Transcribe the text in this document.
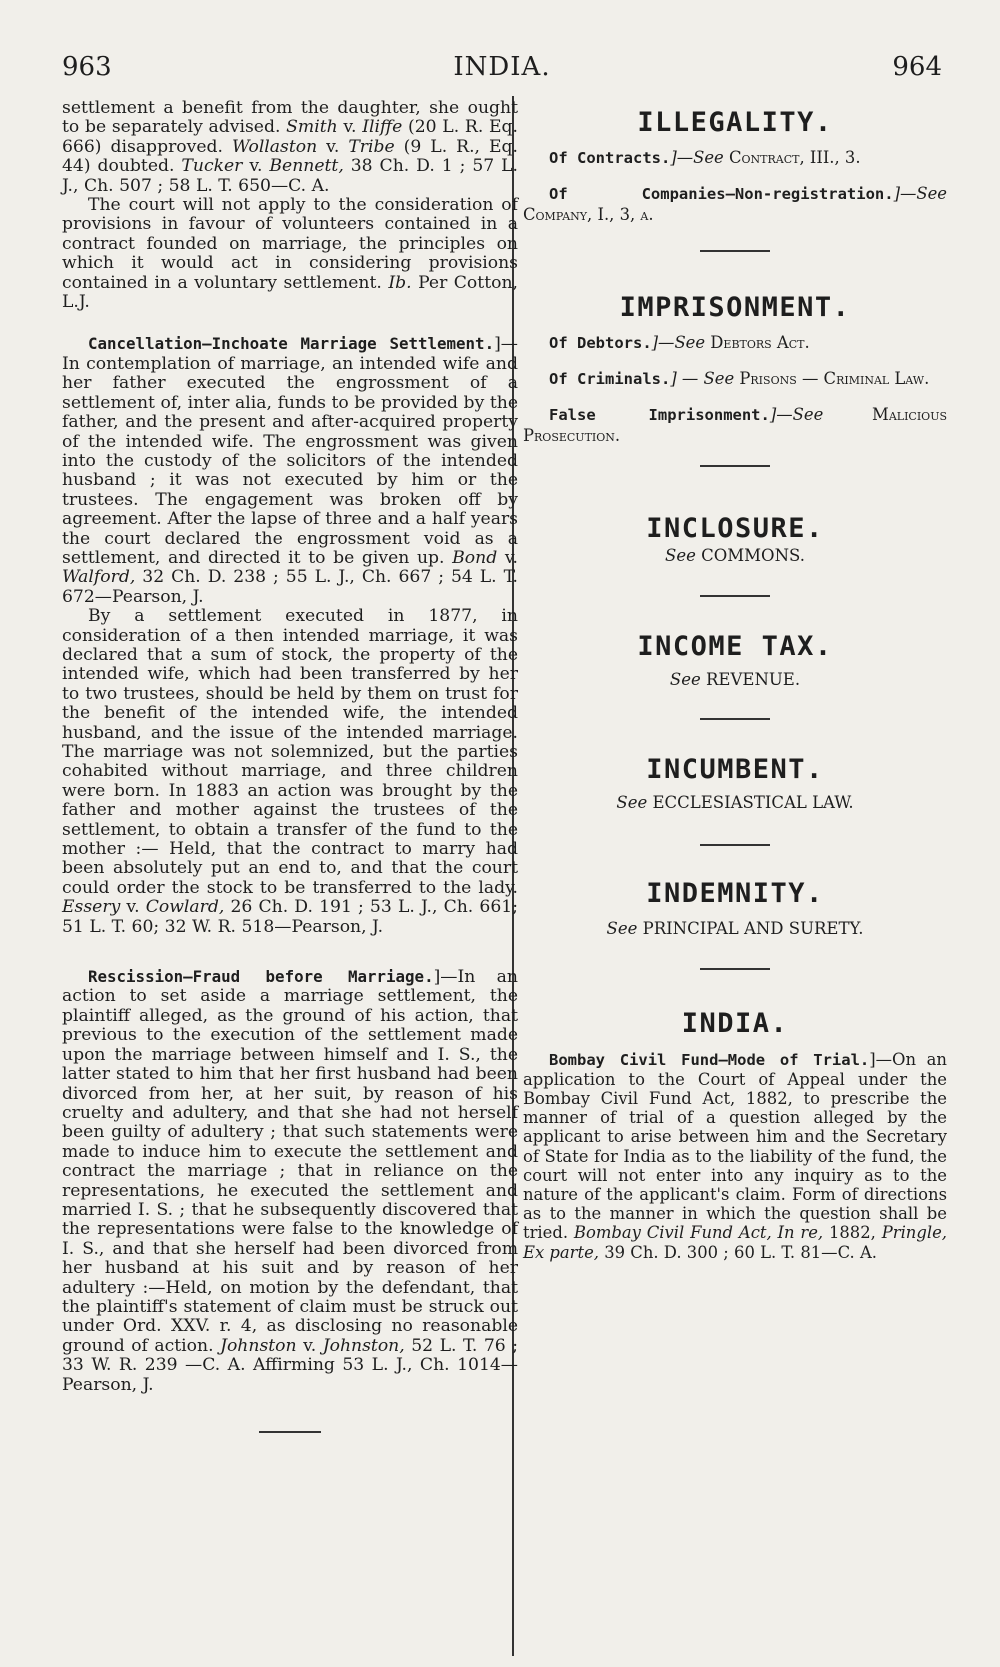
963	INDIA.	964

settlement a benefit from the daughter, she ought to be separately advised. Smith v. Iliffe (20 L. R. Eq. 666) disapproved. Wollaston v. Tribe (9 L. R., Eq. 44) doubted. Tucker v. Bennett, 38 Ch. D. 1 ; 57 L. J., Ch. 507 ; 58 L. T. 650—C. A.

The court will not apply to the consideration of provisions in favour of volunteers contained in a contract founded on marriage, the principles on which it would act in considering provisions contained in a voluntary settlement. Ib. Per Cotton, L.J.

Cancellation—Inchoate Marriage Settlement.]—In contemplation of marriage, an intended wife and her father executed the engrossment of a settlement of, inter alia, funds to be provided by the father, and the present and after-acquired property of the intended wife. The engrossment was given into the custody of the solicitors of the intended husband ; it was not executed by him or the trustees. The engagement was broken off by agreement. After the lapse of three and a half years the court declared the engrossment void as a settlement, and directed it to be given up. Bond v. Walford, 32 Ch. D. 238 ; 55 L. J., Ch. 667 ; 54 L. T. 672—Pearson, J.

By a settlement executed in 1877, in consideration of a then intended marriage, it was declared that a sum of stock, the property of the intended wife, which had been transferred by her to two trustees, should be held by them on trust for the benefit of the intended wife, the intended husband, and the issue of the intended marriage. The marriage was not solemnized, but the parties cohabited without marriage, and three children were born. In 1883 an action was brought by the father and mother against the trustees of the settlement, to obtain a transfer of the fund to the mother :— Held, that the contract to marry had been absolutely put an end to, and that the court could order the stock to be transferred to the lady. Essery v. Cowlard, 26 Ch. D. 191 ; 53 L. J., Ch. 661; 51 L. T. 60; 32 W. R. 518—Pearson, J.

Rescission—Fraud before Marriage.]—In an action to set aside a marriage settlement, the plaintiff alleged, as the ground of his action, that previous to the execution of the settlement made upon the marriage between himself and I. S., the latter stated to him that her first husband had been divorced from her, at her suit, by reason of his cruelty and adultery, and that she had not herself been guilty of adultery ; that such statements were made to induce him to execute the settlement and contract the marriage ; that in reliance on the representations, he executed the settlement and married I. S. ; that he subsequently discovered that the representations were false to the knowledge of I. S., and that she herself had been divorced from her husband at his suit and by reason of her adultery :—Held, on motion by the defendant, that the plaintiff's statement of claim must be struck out under Ord. XXV. r. 4, as disclosing no reasonable ground of action. Johnston v. Johnston, 52 L. T. 76 ; 33 W. R. 239 —C. A. Affirming 53 L. J., Ch. 1014—Pearson, J.

ILLEGALITY.

Of Contracts.]—See Contract, III., 3.

Of Companies—Non-registration.]—See Company, I., 3, a.

IMPRISONMENT.

Of Debtors.]—See Debtors Act.

Of Criminals.] — See Prisons — Criminal Law.

False Imprisonment.]—See Malicious Prosecution.

INCLOSURE.

See COMMONS.

INCOME TAX.

See REVENUE.

INCUMBENT.

See ECCLESIASTICAL LAW.

INDEMNITY.

See PRINCIPAL AND SURETY.

INDIA.

Bombay Civil Fund—Mode of Trial.]—On an application to the Court of Appeal under the Bombay Civil Fund Act, 1882, to prescribe the manner of trial of a question alleged by the applicant to arise between him and the Secretary of State for India as to the liability of the fund, the court will not enter into any inquiry as to the nature of the applicant's claim. Form of directions as to the manner in which the question shall be tried. Bombay Civil Fund Act, In re, 1882, Pringle, Ex parte, 39 Ch. D. 300 ; 60 L. T. 81—C. A.
